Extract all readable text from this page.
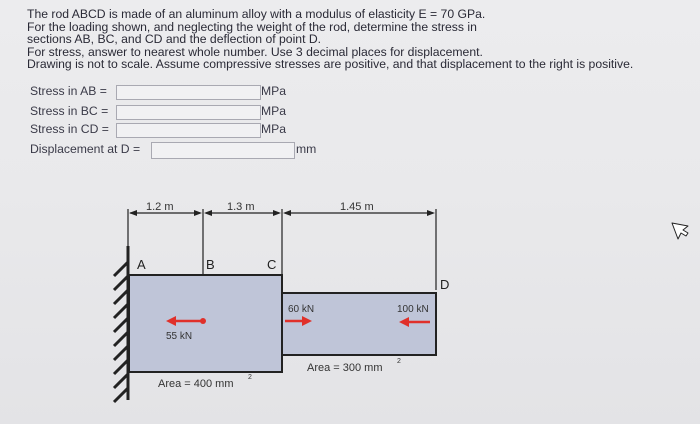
The rod ABCD is made of an aluminum alloy with a modulus of elasticity E = 70 GPa.
For the loading shown, and neglecting the weight of the rod, determine the stress in
sections AB, BC, and CD and the deflection of point D.
For stress, answer to nearest whole number. Use 3 decimal places for displacement.
Drawing is not to scale. Assume compressive stresses are positive, and that displacement to the right is positive.
Stress in AB =	MPa
Stress in BC =	MPa
Stress in CD =	MPa
Displacement at D =	mm
1.2 m	1.3 m	1.45 m
A	B	C
D
55 kN
60 kN	100 kN
Area = 400 mm
2
Area = 300 mm
2
